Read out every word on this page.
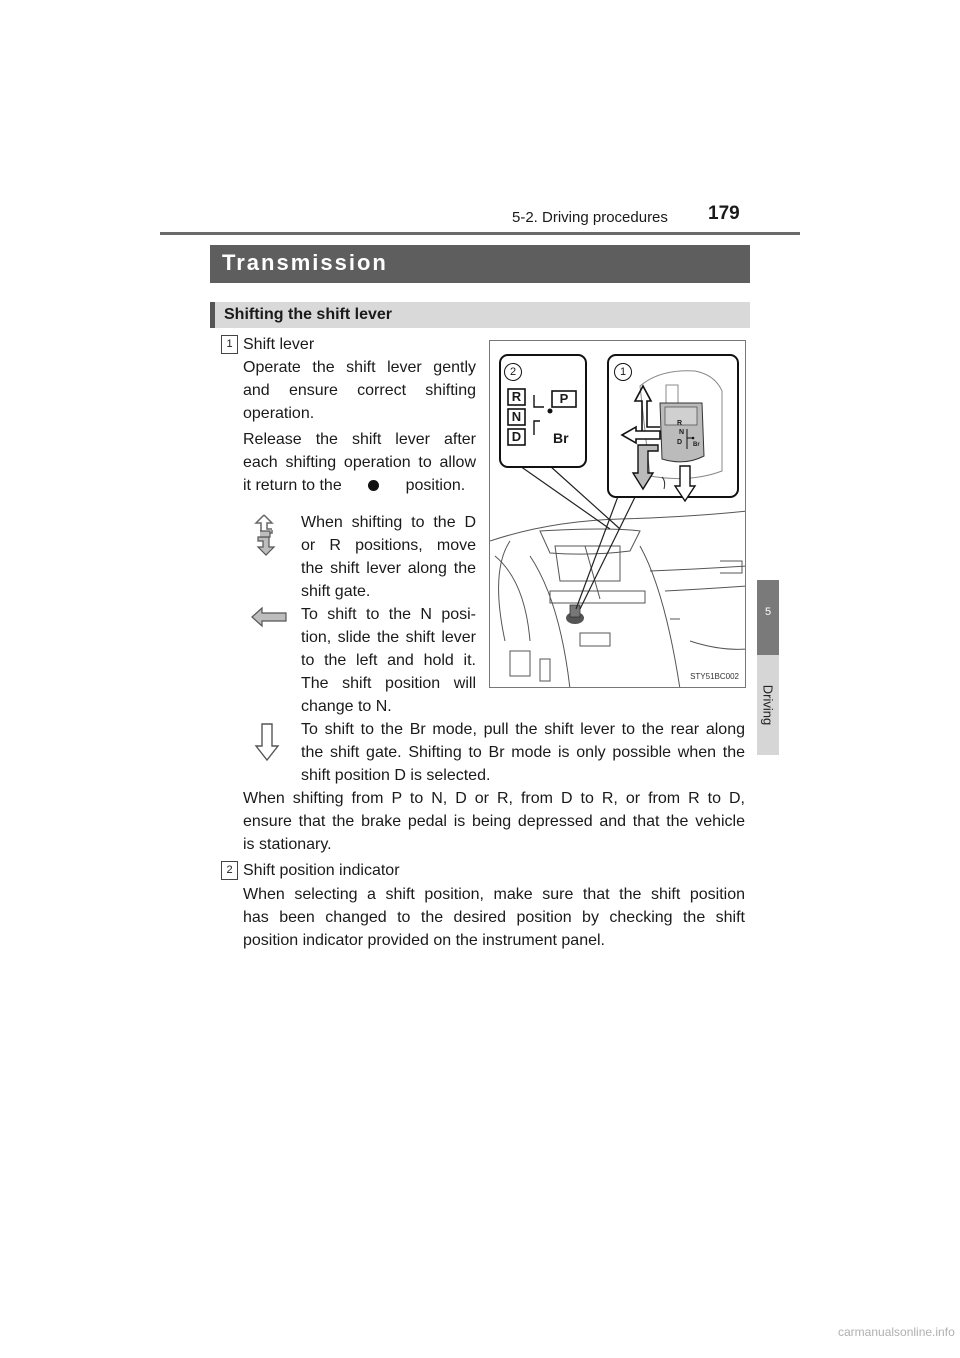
5-2. Driving procedures 179
5
Driving
Transmission
Shifting the shift lever
1 Shift lever
Operate the shift lever gently
and ensure correct shifting
operation.
Release the shift lever after
each shifting operation to allow
it return to the	position.
When shifting to the D
or R positions, move
the shift lever along the
shift gate.
To shift to the N posi-
tion, slide the shift lever
to the left and hold it.
The shift position will
change to N.
To shift to the Br mode, pull the shift lever to the rear along
the shift gate. Shifting to Br mode is only possible when the
shift position D is selected.
When shifting from P to N, D or R, from D to R, or from R to D,
ensure that the brake pedal is being depressed and that the vehicle
is stationary.
2 Shift position indicator
When selecting a shift position, make sure that the shift position
has been changed to the desired position by checking the shift
position indicator provided on the instrument panel.
2	1
R
N
D
P
Br
R
N
D Br
STY51BC002
carmanualsonline.info
